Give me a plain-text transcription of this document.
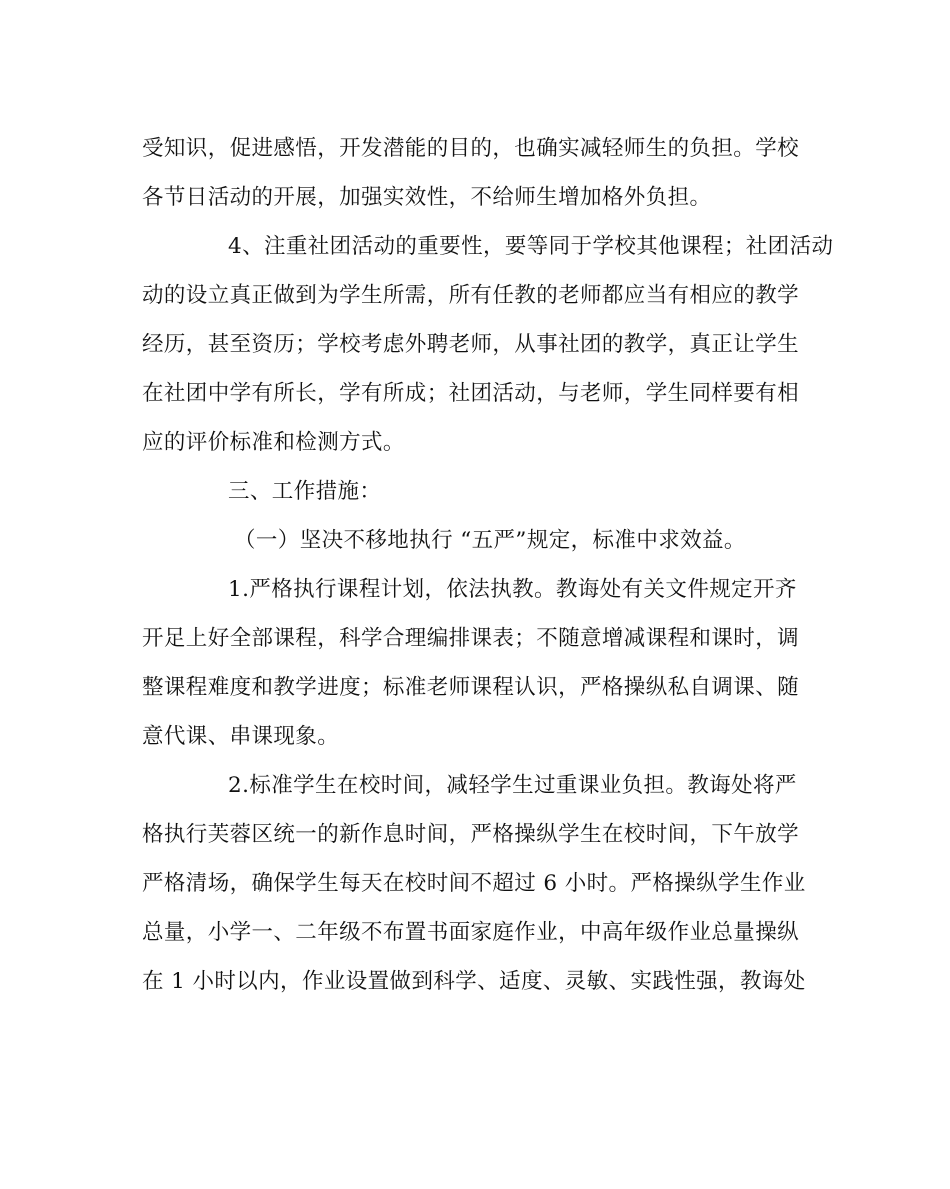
受知识，促进感悟，开发潜能的目的，也确实减轻师生的负担。学校
各节日活动的开展，加强实效性，不给师生增加格外负担。
4、注重社团活动的重要性，要等同于学校其他课程；社团活动
动的设立真正做到为学生所需，所有任教的老师都应当有相应的教学
经历，甚至资历；学校考虑外聘老师，从事社团的教学，真正让学生
在社团中学有所长，学有所成；社团活动，与老师，学生同样要有相
应的评价标准和检测方式。
三、工作措施：
（一）坚决不移地执行 “五严”规定，标准中求效益。
1.严格执行课程计划，依法执教。教诲处有关文件规定开齐
开足上好全部课程，科学合理编排课表；不随意增减课程和课时，调
整课程难度和教学进度；标准老师课程认识，严格操纵私自调课、随
意代课、串课现象。
2.标准学生在校时间，减轻学生过重课业负担。教诲处将严
格执行芙蓉区统一的新作息时间，严格操纵学生在校时间，下午放学
严格清场，确保学生每天在校时间不超过 6 小时。严格操纵学生作业
总量，小学一、二年级不布置书面家庭作业，中高年级作业总量操纵
在 1 小时以内，作业设置做到科学、适度、灵敏、实践性强，教诲处
